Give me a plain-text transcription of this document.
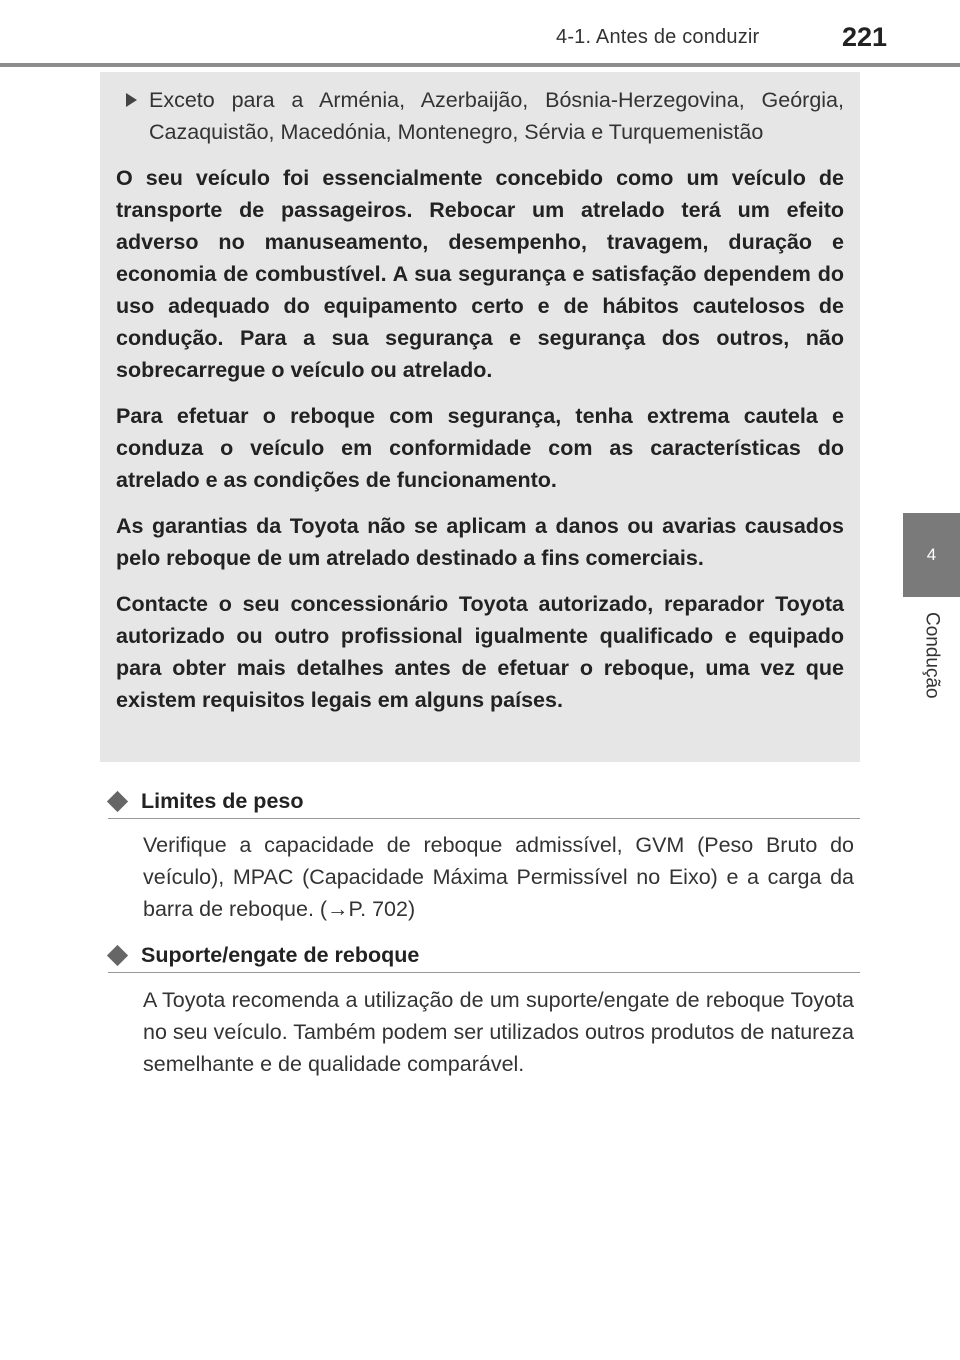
4-1. Antes de conduzir	221
4
Condução
Exceto para a Arménia, Azerbaijão, Bósnia-Herzegovina, Geórgia, Cazaquistão, Macedónia, Montenegro, Sérvia e Turquemenistão

O seu veículo foi essencialmente concebido como um veículo de transporte de passageiros. Rebocar um atrelado terá um efeito adverso no manuseamento, desempenho, travagem, duração e economia de combustível. A sua segurança e satisfação dependem do uso adequado do equipamento certo e de hábitos cautelosos de condução. Para a sua segurança e segurança dos outros, não sobrecarregue o veículo ou atrelado.

Para efetuar o reboque com segurança, tenha extrema cautela e conduza o veículo em conformidade com as características do atrelado e as condições de funcionamento.

As garantias da Toyota não se aplicam a danos ou avarias causados pelo reboque de um atrelado destinado a fins comerciais.

Contacte o seu concessionário Toyota autorizado, reparador Toyota autorizado ou outro profissional igualmente qualificado e equipado para obter mais detalhes antes de efetuar o reboque, uma vez que existem requisitos legais em alguns países.

Limites de peso
Verifique a capacidade de reboque admissível, GVM (Peso Bruto do veículo), MPAC (Capacidade Máxima Permissível no Eixo) e a carga da barra de reboque. (→P. 702)
Suporte/engate de reboque
A Toyota recomenda a utilização de um suporte/engate de reboque Toyota no seu veículo. Também podem ser utilizados outros produtos de natureza semelhante e de qualidade comparável.
